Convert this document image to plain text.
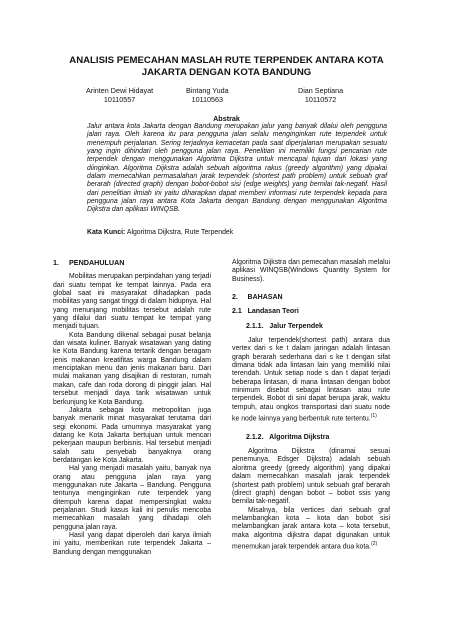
ANALISIS PEMECAHAN MASLAH RUTE TERPENDEK ANTARA KOTA
JAKARTA DENGAN KOTA BANDUNG
Arinten Dewi Hidayat
10110557
Bintang Yuda
10110563
Dian Septiana
10110572
Abstrak
Jalur antara kota Jakarta dengan Bandung merupakan jalur yang banyak dilalui oleh pengguna jalan raya. Oleh karena itu para pengguna jalan selalu menginginkan rute terpendek untuk menempuh perjalanan. Sering terjadinya kemacetan pada saat diperjalanan merupakan sesuatu yang ingin dihindari oleh pengguna jalan raya. Penelitian ini memiliki fungsi pencarian rute terpendek dengan menggunakan Algoritma Dijkstra untuk mencapai tujuan dari lokasi yang diinginkan. Algoritma Dijkstra adalah sebuah algoritma rakus (greedy algorithm) yang dipakai dalam memecahkan permasalahan jarak terpendek (shortest path problem) untuk sebuah graf berarah (directed graph) dengan bobot-bobot sisi (edge weights) yang bernilai tak-negatif. Hasil dari penelitian ilmiah ini yaitu diharapkan dapat memberi informasi rute terpendek kepada para pengguna jalan raya antara Kota Jakarta dengan Bandung dengan menggunakan Algoritma Dijkstra dan aplikasi WINQSB.
Kata Kunci: Algoritma Dijkstra, Rute Terpendek
1.     PENDAHULUAN

Mobilitas merupakan perpindahan yang terjadi dari suatu tempat ke tempat lainnya. Pada era global saat ini masyarakat dihadapkan pada mobilitas yang sangat tinggi di dalam hidupnya. Hal yang menunjang mobilitas tersebut adalah rute yang dilalui dari suatu tempat ke tempat yang menjadi tujuan.

Kota Bandung dikenal sebagai pusat belanja dan wisata kuliner. Banyak wisatawan yang dating ke Kota Bandung karena tertarik dengan beragam jenis makanan kreatifitas warga Bandung dalam menciptakan menu dan jenis makanan baru. Dari mulai makanan yang disajikan di restoran, rumah makan, cafe dan roda dorong di pinggir jalan. Hal tersebut menjadi daya tarik wisatawan untuk berkunjung ke Kota Bandung.

Jakarta sebagai kota metropolitan juga banyak menarik minat masyarakat terutama dari segi ekonomi. Pada umumnya masyarakat yang datang ke Kota Jakarta bertujuan untuk mencari pekerjaan maupun berbisnis. Hal tersebut menjadi salah satu penyebab banyaknya orang berdatangan ke Kota Jakarta.

Hal yang menjadi masalah yaitu, banyak nya orang atau pengguna jalan raya yang menggunakan rute Jakarta – Bandung. Pengguna tentunya menginginkan rute terpendek yang ditempuh karena dapat mempersingkat waktu perjalanan. Studi kasus kali ini penulis mencoba memecahkan masalah yang dihadapi oleh pengguna jalan raya.

Hasil yang dapat diperoleh dari karya ilmiah ini yaitu, memberikan rute terpendek Jakarta – Bandung dengan menggunakan

Algoritma Dijkstra dan pemecahan masalah melalui aplikasi WINQSB(Windows Quantity System for Business).

2.     BAHASAN
2.1   Landasan Teori
2.1.1.   Jalur Terpendek

Jalur terpendek(shortest path) antara dua vertex dari s ke t dalam jaringan adalah lintasan graph berarah sederhana dari s ke t dengan sifat dimana tidak ada lintasan lain yang memiliki nilai terendah. Untuk setiap node s dan t dapat terjadi beberapa lintasan, di mana lintasan dengan bobot minimum disebut sebagai lintasan atau rute terpendek. Bobot di sini dapat berupa jarak, waktu tempuh, atau ongkos transportasi dari suatu node ke node lainnya yang berbentuk rute tertentu.$^{(1)}$

2.1.2.   Algoritma Dijkstra

Algoritma Dijkstra (dinamai sesuai penemunya, Edsger Dijkstra) adalah sebuah aloritma greedy (greedy algorithm) yang dipakai dalam memecahkan masalah jarak terpendek (shortest path problem) untuk sebuah graf berarah (direct graph) dengan bobot – bobot ssis yang bernilai tak-negatif.

Misalnya, bila vertices dari sebuah graf melambangkan kota – kota dan bobot sisi melambangkan jarak antara kota – kota tersebut, maka algoritma dijkstra dapat digunakan untuk menemukan jarak terpendek antara dua kota.$^{(2)}$
